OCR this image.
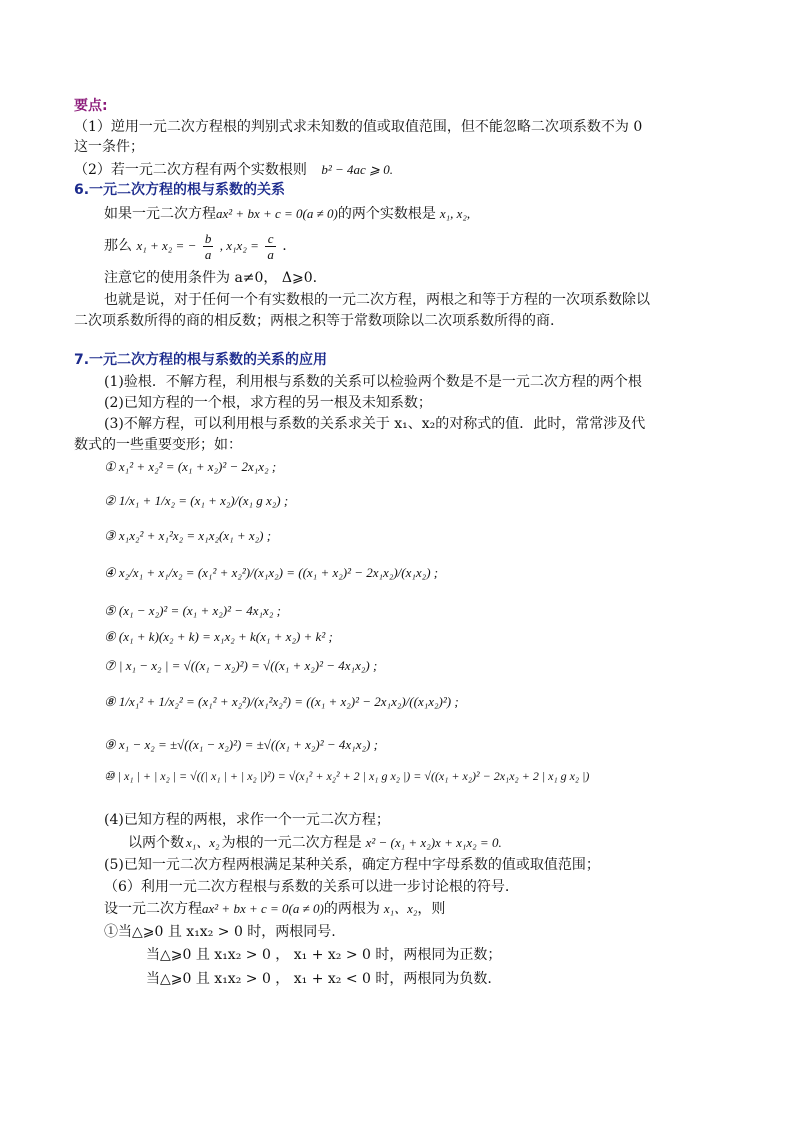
要点:
（1）逆用一元二次方程根的判别式求未知数的值或取值范围，但不能忽略二次项系数不为 0
这一条件；
（2）若一元二次方程有两个实数根则 b² − 4ac ⩾ 0.
6.一元二次方程的根与系数的关系
如果一元二次方程ax² + bx + c = 0(a ≠ 0)的两个实数根是 x₁, x₂,
那么 x₁ + x₂ = − $\frac{b}{a}$ , $x_1x_2 = \frac{c}{a}$ .
注意它的使用条件为 a≠0， Δ⩾0.
也就是说，对于任何一个有实数根的一元二次方程，两根之和等于方程的一次项系数除以
二次项系数所得的商的相反数；两根之积等于常数项除以二次项系数所得的商.
7.一元二次方程的根与系数的关系的应用
(1)验根．不解方程，利用根与系数的关系可以检验两个数是不是一元二次方程的两个根
(2)已知方程的一个根，求方程的另一根及未知系数；
(3)不解方程，可以利用根与系数的关系求关于 x₁、x₂的对称式的值．此时，常常涉及代
数式的一些重要变形；如：
① x₁² + x₂² = (x₁ + x₂)² − 2x₁x₂ ;
② 1/x₁ + 1/x₂ = (x₁ + x₂)/(x₁ g x₂) ;
③ x₁x₂² + x₁²x₂ = x₁x₂(x₁ + x₂) ;
④ x₂/x₁ + x₁/x₂ = (x₁² + x₂²)/(x₁x₂) = ((x₁ + x₂)² − 2x₁x₂)/(x₁x₂) ;
⑤ (x₁ − x₂)² = (x₁ + x₂)² − 4x₁x₂ ;
⑥ (x₁ + k)(x₂ + k) = x₁x₂ + k(x₁ + x₂) + k² ;
⑦ | x₁ − x₂ | = √((x₁ − x₂)²) = √((x₁ + x₂)² − 4x₁x₂) ;
⑧ 1/x₁² + 1/x₂² = (x₁² + x₂²)/(x₁²x₂²) = ((x₁ + x₂)² − 2x₁x₂)/((x₁x₂)²) ;
⑨ x₁ − x₂ = ±√((x₁ − x₂)²) = ±√((x₁ + x₂)² − 4x₁x₂) ;
⑩ | x₁ | + | x₂ | = √((| x₁ | + | x₂ |)²) = √(x₁² + x₂² + 2 | x₁ g x₂ |) = √((x₁ + x₂)² − 2x₁x₂ + 2 | x₁ g x₂ |)
(4)已知方程的两根，求作一个一元二次方程；
以两个数 x₁、x₂ 为根的一元二次方程是 x² − (x₁ + x₂)x + x₁x₂ = 0.
(5)已知一元二次方程两根满足某种关系，确定方程中字母系数的值或取值范围；
（6）利用一元二次方程根与系数的关系可以进一步讨论根的符号.
设一元二次方程ax² + bx + c = 0(a ≠ 0)的两根为 x₁、x₂，则
①当△⩾0 且 x₁x₂ > 0 时，两根同号.
当△⩾0 且 x₁x₂ > 0 ， x₁ + x₂ > 0 时，两根同为正数；
当△⩾0 且 x₁x₂ > 0 ， x₁ + x₂ < 0 时，两根同为负数.
